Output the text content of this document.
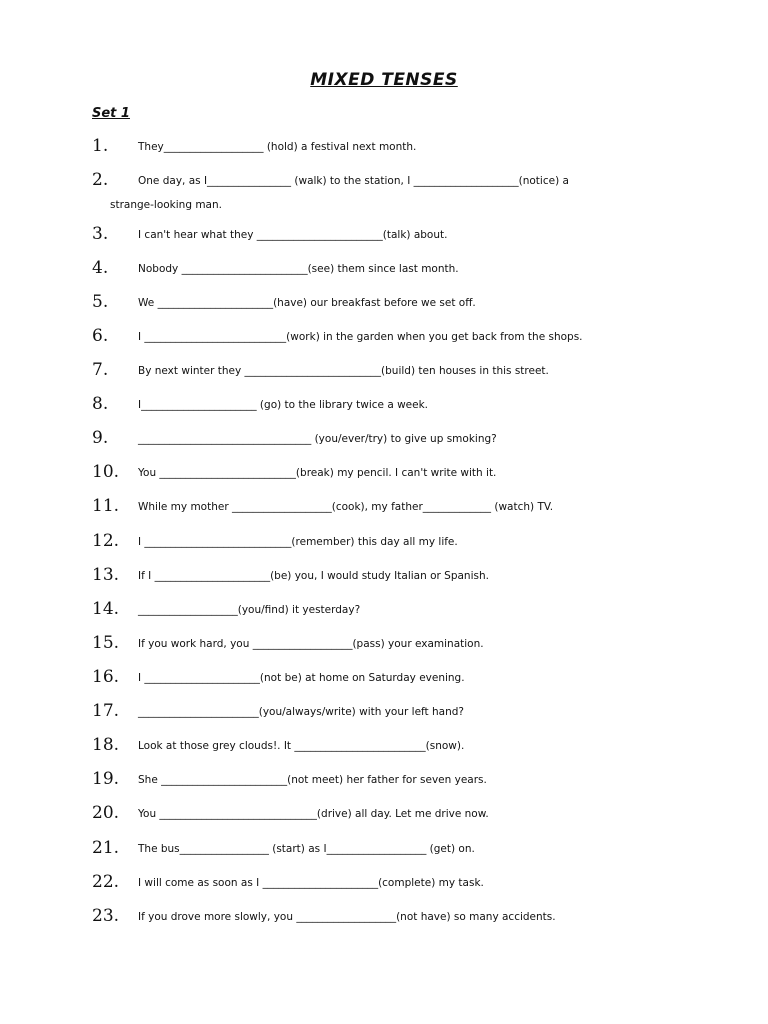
MIXED TENSES
Set 1
1.	They___________________ (hold) a festival next month.
2.	One day, as I________________ (walk) to the station, I ____________________(notice) a
strange-looking man.
3.	I can't hear what they ________________________(talk) about.
4.	Nobody ________________________(see) them since last month.
5.	We ______________________(have) our breakfast before we set off.
6.	I ___________________________(work) in the garden when you get back from the shops.
7.	By next winter they __________________________(build) ten houses in this street.
8.	I______________________ (go) to the library twice a week.
9.	_________________________________ (you/ever/try) to give up smoking?
10. You __________________________(break) my pencil. I can't write with it.
11. While my mother ___________________(cook), my father_____________ (watch) TV.
12. I ____________________________(remember) this day all my life.
13. If I ______________________(be) you, I would study Italian or Spanish.
14. ___________________(you/find) it yesterday?
15. If you work hard, you ___________________(pass) your examination.
16. I ______________________(not be) at home on Saturday evening.
17. _______________________(you/always/write) with your left hand?
18. Look at those grey clouds!. It _________________________(snow).
19. She ________________________(not meet) her father for seven years.
20. You ______________________________(drive) all day. Let me drive now.
21. The bus_________________ (start) as I___________________ (get) on.
22. I will come as soon as I ______________________(complete) my task.
23. If you drove more slowly, you ___________________(not have) so many accidents.
